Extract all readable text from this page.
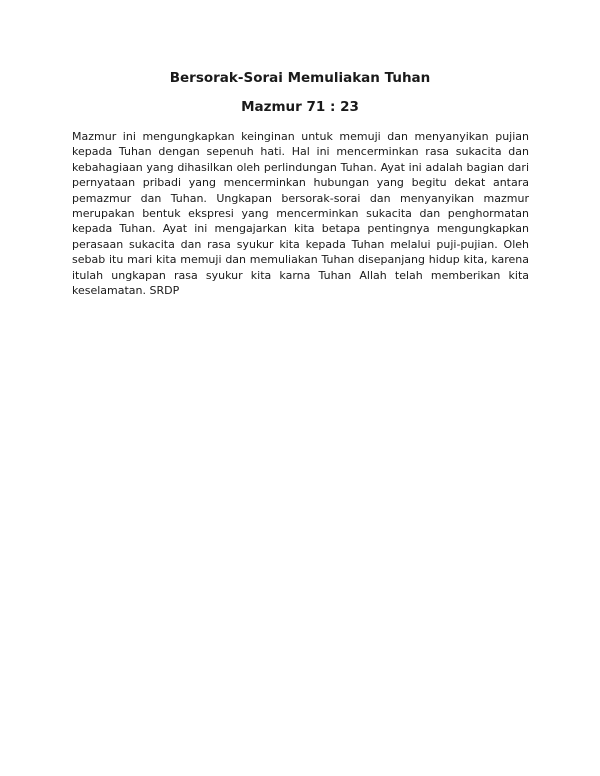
Bersorak-Sorai Memuliakan Tuhan
Mazmur 71 : 23
Mazmur ini mengungkapkan keinginan untuk memuji dan menyanyikan pujian
kepada Tuhan dengan sepenuh hati. Hal ini mencerminkan rasa sukacita dan
kebahagiaan yang dihasilkan oleh perlindungan Tuhan. Ayat ini adalah bagian dari
pernyataan pribadi yang mencerminkan hubungan yang begitu dekat antara
pemazmur dan Tuhan. Ungkapan bersorak-sorai dan menyanyikan mazmur
merupakan bentuk ekspresi yang mencerminkan sukacita dan penghormatan
kepada Tuhan. Ayat ini mengajarkan kita betapa pentingnya mengungkapkan
perasaan sukacita dan rasa syukur kita kepada Tuhan melalui puji-pujian. Oleh
sebab itu mari kita memuji dan memuliakan Tuhan disepanjang hidup kita, karena
itulah ungkapan rasa syukur kita karna Tuhan Allah telah memberikan kita
keselamatan. SRDP
